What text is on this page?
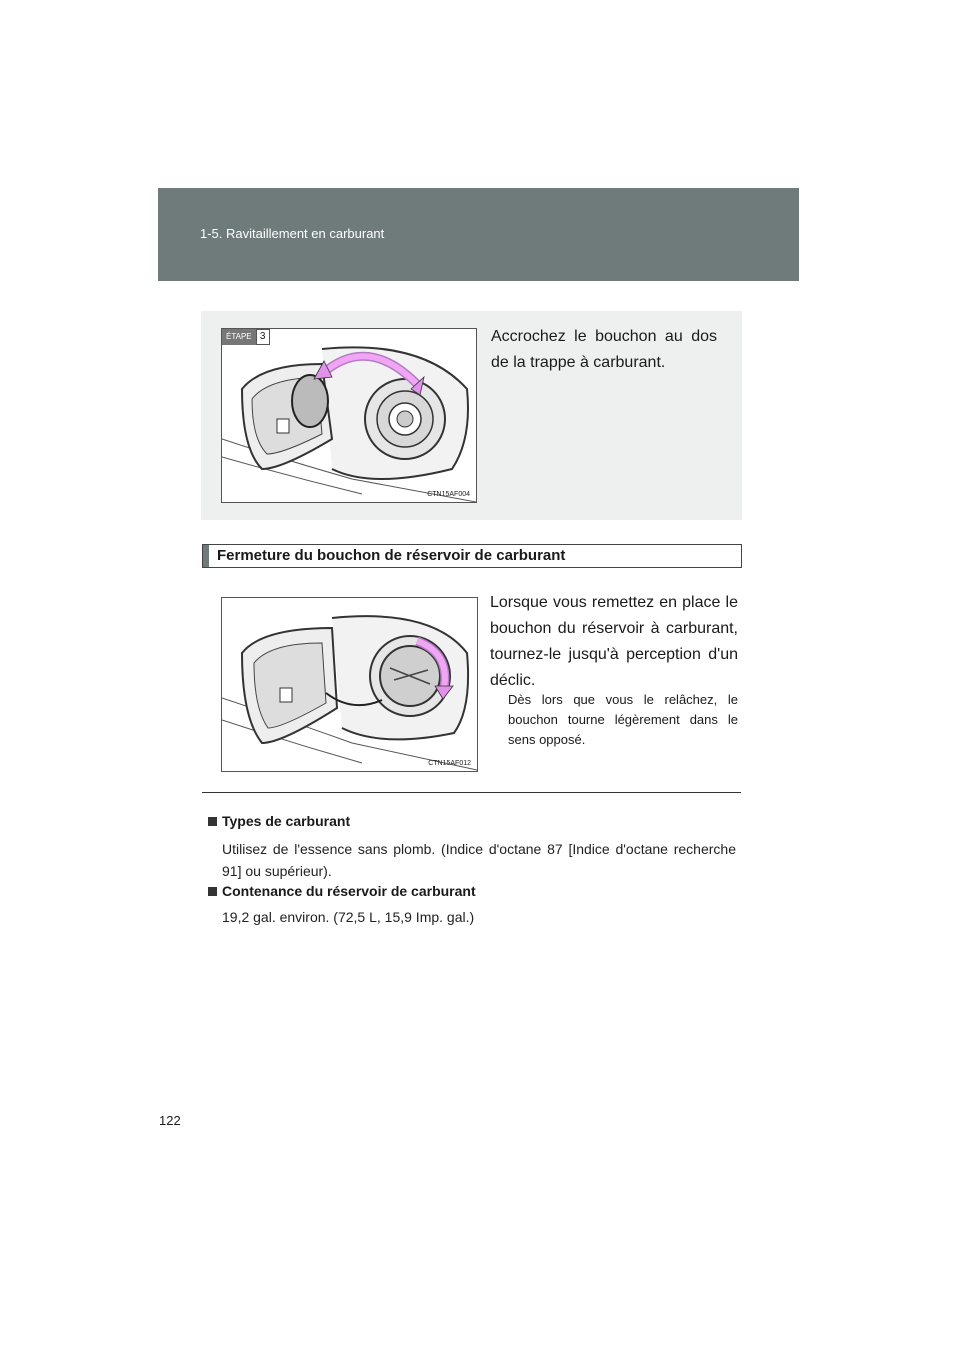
1-5. Ravitaillement en carburant
ÉTAPE 3
CTN15AF004
Accrochez le bouchon au dos de la trappe à carburant.
Fermeture du bouchon de réservoir de carburant
CTN15AF012
Lorsque vous remettez en place le bouchon du réservoir à carburant, tournez-le jusqu'à perception d'un déclic.
Dès lors que vous le relâchez, le bouchon tourne légèrement dans le sens opposé.
Types de carburant
Utilisez de l'essence sans plomb. (Indice d'octane 87 [Indice d'octane recherche 91] ou supérieur).
Contenance du réservoir de carburant
19,2 gal. environ. (72,5 L, 15,9 Imp. gal.)
122
